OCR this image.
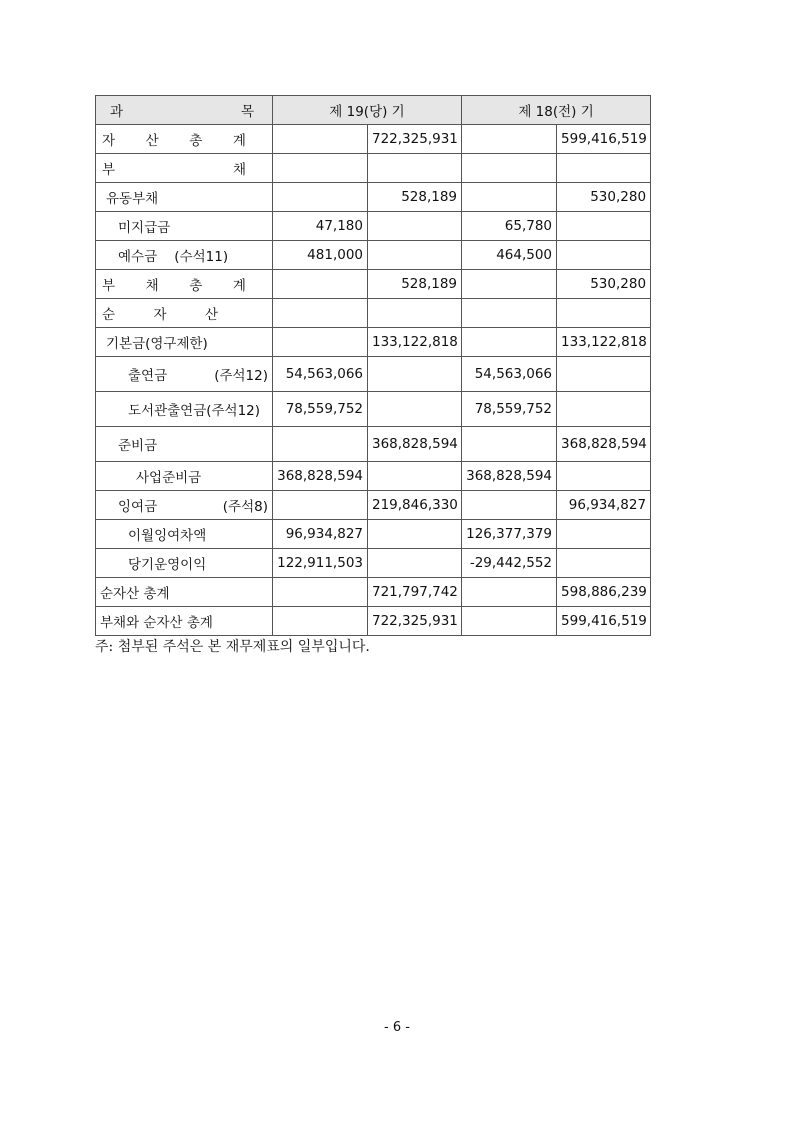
과 목	제 19(당) 기		제 18(전) 기	

자 산 총 계		722,325,931		599,416,519

부 채				

유동부채		528,189		530,280
미지급금	47,180		65,780	
예수금 (수석11)	481,000		464,500	

부 채 총 계		528,189		530,280

순 자 산				

기본금(영구제한)		133,122,818		133,122,818

출연금 (주석12)	54,563,066		54,563,066	
도서관출연금(주석12)	78,559,752		78,559,752	
준비금		368,828,594		368,828,594
사업준비금	368,828,594		368,828,594	

잉여금 (주석8)		219,846,330		96,934,827
이월잉여차액	96,934,827		126,377,379	
당기운영이익	122,911,503		-29,442,552	
순자산 총계		721,797,742		598,886,239
부채와 순자산 총계		722,325,931		599,416,519
주: 첨부된 주석은 본 재무제표의 일부입니다.
- 6 -
